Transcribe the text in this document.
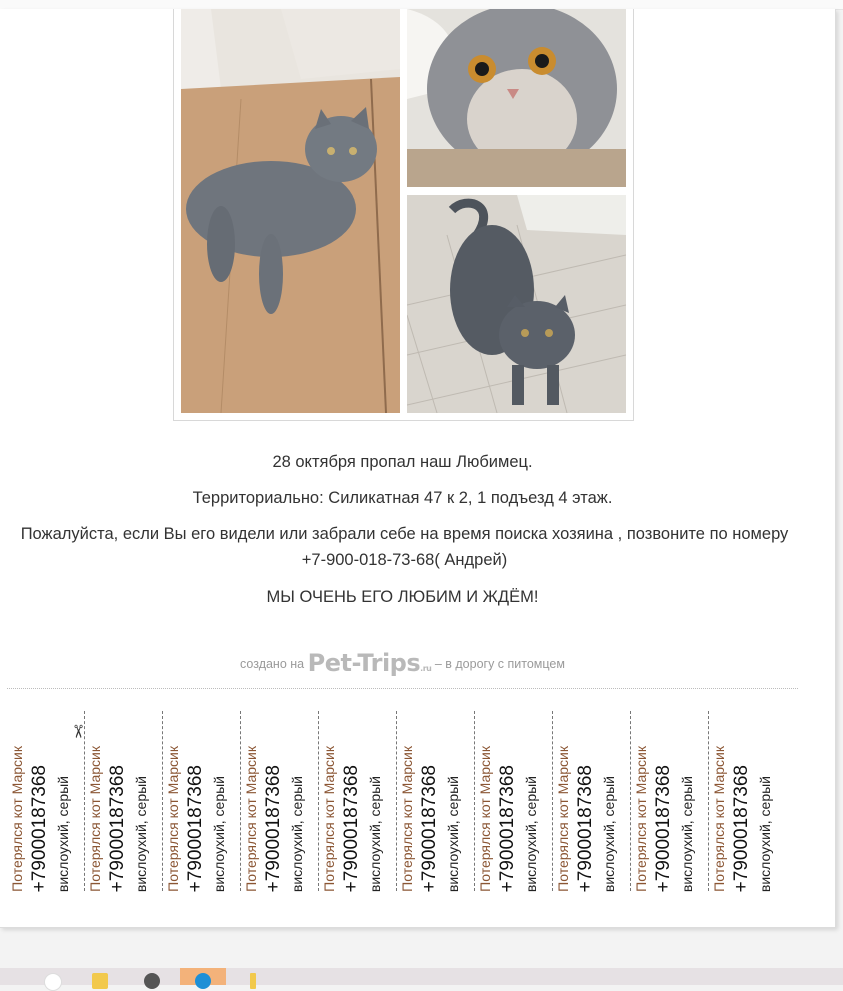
28 октября пропал наш Любимец.
Территориально: Силикатная 47 к 2, 1 подъезд 4 этаж.
Пожалуйста, если Вы его видели или забрали себе на время поиска хозяина , позвоните по номеру +7-900-018-73-68( Андрей)
МЫ ОЧЕНЬ ЕГО ЛЮБИМ И ЖДЁМ!
создано на Pet-Trips.ru – в дорогу с питомцем
Потерялся кот Марсик +79000187368 вислоухий, серый Потерялся кот Марсик +79000187368 вислоухий, серый Потерялся кот Марсик +79000187368 вислоухий, серый Потерялся кот Марсик +79000187368 вислоухий, серый Потерялся кот Марсик +79000187368 вислоухий, серый Потерялся кот Марсик +79000187368 вислоухий, серый Потерялся кот Марсик +79000187368 вислоухий, серый Потерялся кот Марсик +79000187368 вислоухий, серый Потерялся кот Марсик +79000187368 вислоухий, серый Потерялся кот Марсик +79000187368 вислоухий, серый
✂
